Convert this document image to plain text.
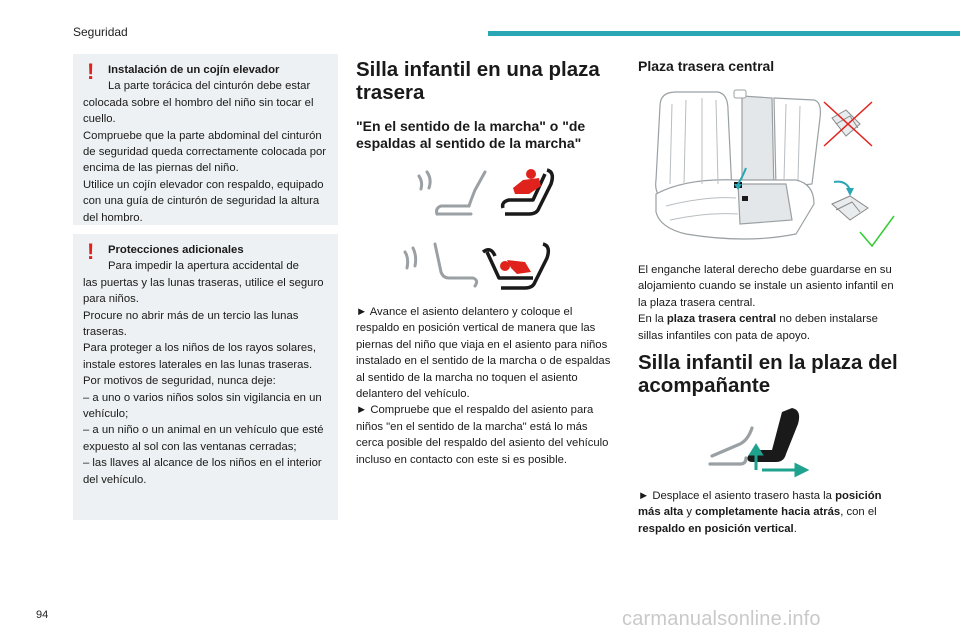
Seguridad
!	Instalación de un cojín elevador

La parte torácica del cinturón debe estar

colocada sobre el hombro del niño sin tocar el cuello.
Compruebe que la parte abdominal del cinturón de seguridad queda correctamente colocada por encima de las piernas del niño.
Utilice un cojín elevador con respaldo, equipado con una guía de cinturón de seguridad la altura del hombro.

!	Protecciones adicionales

Para impedir la apertura accidental de

las puertas y las lunas traseras, utilice el seguro para niños.
Procure no abrir más de un tercio las lunas traseras.
Para proteger a los niños de los rayos solares, instale estores laterales en las lunas traseras.
Por motivos de seguridad, nunca deje:
– a uno o varios niños solos sin vigilancia en un vehículo;
– a un niño o un animal en un vehículo que esté expuesto al sol con las ventanas cerradas;
– las llaves al alcance de los niños en el interior del vehículo.

Silla infantil en una plaza trasera
"En el sentido de la marcha" o "de espaldas al sentido de la marcha"

► Avance el asiento delantero y coloque el respaldo en posición vertical de manera que las piernas del niño que viaja en el asiento para niños instalado en el sentido de la marcha o de espaldas al sentido de la marcha no toquen el asiento delantero del vehículo.

► Compruebe que el respaldo del asiento para niños "en el sentido de la marcha" está lo más cerca posible del respaldo del asiento del vehículo incluso en contacto con este si es posible.

Plaza trasera central

El enganche lateral derecho debe guardarse en su alojamiento cuando se instale un asiento infantil en la plaza trasera central.

En la plaza trasera central no deben instalarse sillas infantiles con pata de apoyo.

Silla infantil en la plaza del acompañante

► Desplace el asiento trasero hasta la posición más alta y completamente hacia atrás, con el respaldo en posición vertical.

94	carmanualsonline.info
